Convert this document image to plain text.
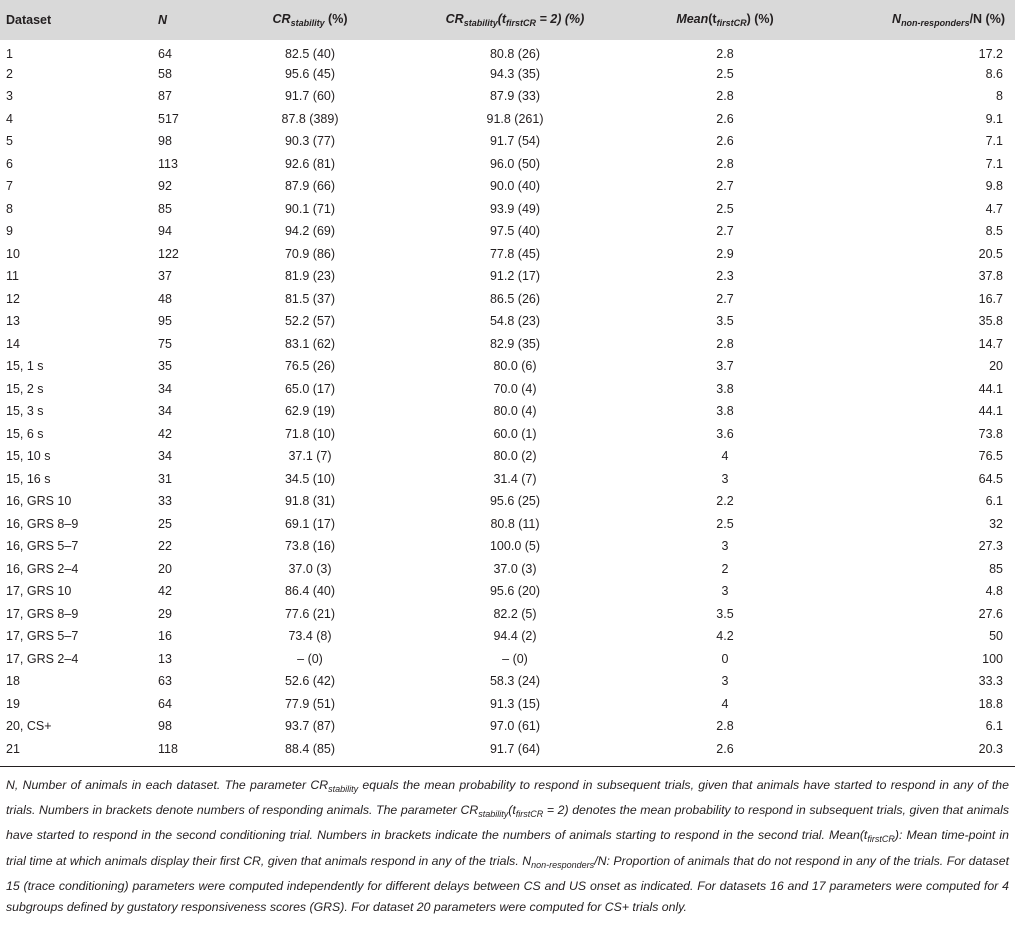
Dataset	N	$CR_{stability}$ (%)	$CR_{stability}(t_{firstCR} = 2)$ (%)	$Mean(t_{firstCR})$ (%)	$N_{non-responders}/N$ (%)
1	64	82.5 (40)	80.8 (26)	2.8	17.2
2	58	95.6 (45)	94.3 (35)	2.5	8.6
3	87	91.7 (60)	87.9 (33)	2.8	8
4	517	87.8 (389)	91.8 (261)	2.6	9.1
5	98	90.3 (77)	91.7 (54)	2.6	7.1
6	113	92.6 (81)	96.0 (50)	2.8	7.1
7	92	87.9 (66)	90.0 (40)	2.7	9.8
8	85	90.1 (71)	93.9 (49)	2.5	4.7
9	94	94.2 (69)	97.5 (40)	2.7	8.5
10	122	70.9 (86)	77.8 (45)	2.9	20.5
11	37	81.9 (23)	91.2 (17)	2.3	37.8
12	48	81.5 (37)	86.5 (26)	2.7	16.7
13	95	52.2 (57)	54.8 (23)	3.5	35.8
14	75	83.1 (62)	82.9 (35)	2.8	14.7
15, 1 s	35	76.5 (26)	80.0 (6)	3.7	20
15, 2 s	34	65.0 (17)	70.0 (4)	3.8	44.1
15, 3 s	34	62.9 (19)	80.0 (4)	3.8	44.1
15, 6 s	42	71.8 (10)	60.0 (1)	3.6	73.8
15, 10 s	34	37.1 (7)	80.0 (2)	4	76.5
15, 16 s	31	34.5 (10)	31.4 (7)	3	64.5
16, GRS 10	33	91.8 (31)	95.6 (25)	2.2	6.1
16, GRS 8–9	25	69.1 (17)	80.8 (11)	2.5	32
16, GRS 5–7	22	73.8 (16)	100.0 (5)	3	27.3
16, GRS 2–4	20	37.0 (3)	37.0 (3)	2	85
17, GRS 10	42	86.4 (40)	95.6 (20)	3	4.8
17, GRS 8–9	29	77.6 (21)	82.2 (5)	3.5	27.6
17, GRS 5–7	16	73.4 (8)	94.4 (2)	4.2	50
17, GRS 2–4	13	– (0)	– (0)	0	100
18	63	52.6 (42)	58.3 (24)	3	33.3
19	64	77.9 (51)	91.3 (15)	4	18.8
20, CS+	98	93.7 (87)	97.0 (61)	2.8	6.1
21	118	88.4 (85)	91.7 (64)	2.6	20.3

N, Number of animals in each dataset. The parameter $CR_{stability}$ equals the mean probability to respond in subsequent trials, given that animals have started to respond in any of the trials. Numbers in brackets denote numbers of responding animals. The parameter $CR_{stability}(t_{firstCR} = 2)$ denotes the mean probability to respond in subsequent trials, given that animals have started to respond in the second conditioning trial. Numbers in brackets indicate the numbers of animals starting to respond in the second trial. $Mean(t_{firstCR})$: Mean time-point in trial time at which animals display their first CR, given that animals respond in any of the trials. $N_{non-responders}/N$: Proportion of animals that do not respond in any of the trials. For dataset 15 (trace conditioning) parameters were computed independently for different delays between CS and US onset as indicated. For datasets 16 and 17 parameters were computed for 4 subgroups defined by gustatory responsiveness scores (GRS). For dataset 20 parameters were computed for CS+ trials only.
